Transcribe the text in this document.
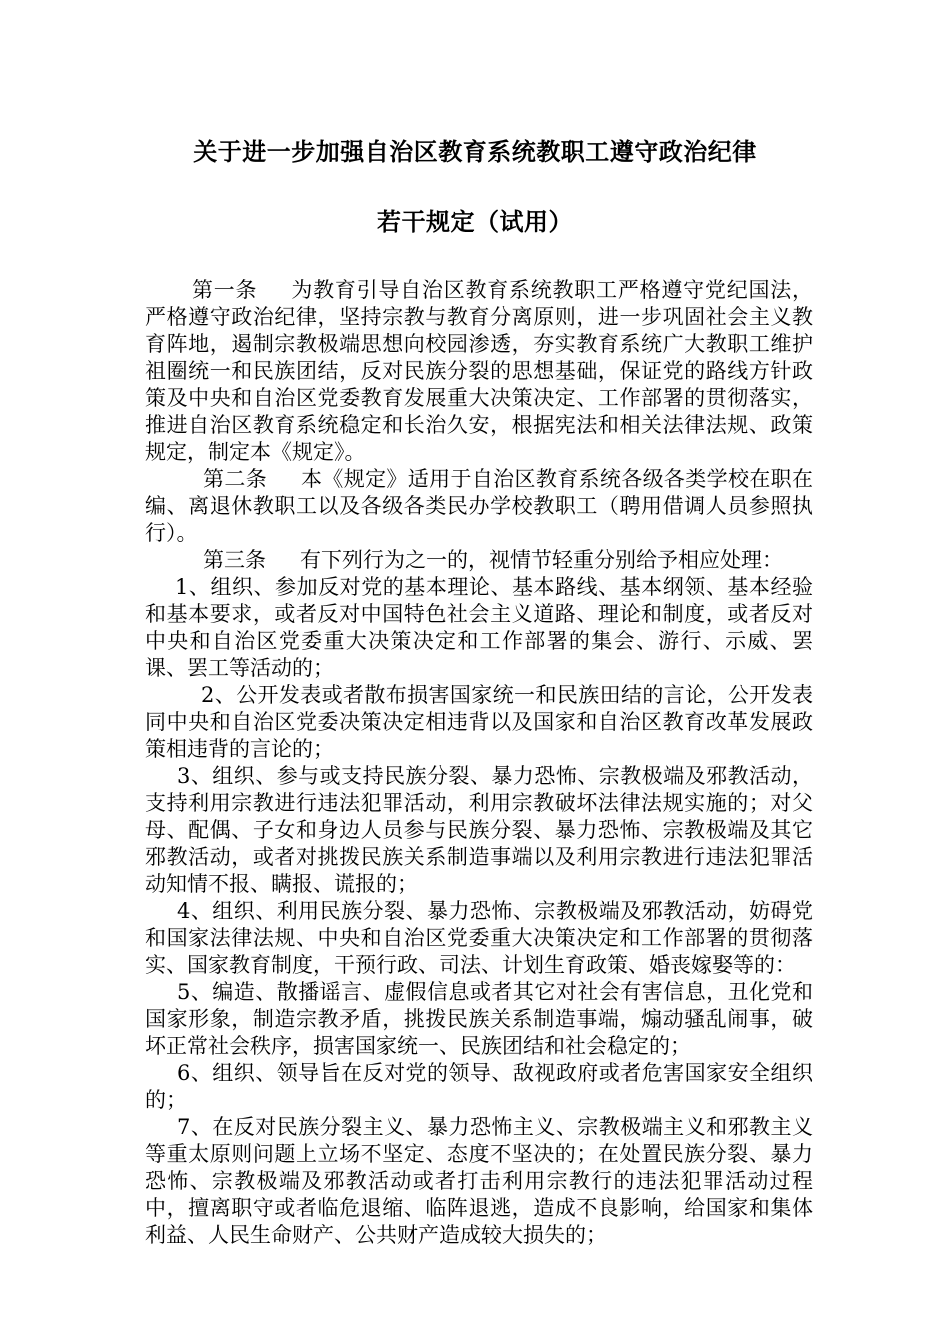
关于进一步加强自治区教育系统教职工遵守政治纪律
若干规定（试用）

第一条 为教育引导自治区教育系统教职工严格遵守党纪国法，严格遵守政治纪律，坚持宗教与教育分离原则，进一步巩固社会主义教育阵地，遏制宗教极端思想向校园渗透，夯实教育系统广大教职工维护祖圈统一和民族团结，反对民族分裂的思想基础，保证党的路线方针政策及中央和自治区党委教育发展重大决策决定、工作部署的贯彻落实，推进自治区教育系统稳定和长治久安，根据宪法和相关法律法规、政策规定，制定本《规定》。

第二条 本《规定》适用于自治区教育系统各级各类学校在职在编、离退休教职工以及各级各类民办学校教职工（聘用借调人员参照执行）。

第三条 有下列行为之一的，视情节轻重分别给予相应处理：

1、组织、参加反对党的基本理论、基本路线、基本纲领、基本经验和基本要求，或者反对中国特色社会主义道路、理论和制度，或者反对中央和自治区党委重大决策决定和工作部署的集会、游行、示威、罢课、罢工等活动的；

2、公开发表或者散布损害国家统一和民族田结的言论，公开发表同中央和自治区党委决策决定相违背以及国家和自治区教育改革发展政策相违背的言论的；

3、组织、参与或支持民族分裂、暴力恐怖、宗教极端及邪教活动，支持利用宗教进行违法犯罪活动，利用宗教破坏法律法规实施的；对父母、配偶、子女和身边人员参与民族分裂、暴力恐怖、宗教极端及其它邪教活动，或者对挑拨民族关系制造事端以及利用宗教进行违法犯罪活动知情不报、瞒报、谎报的；

4、组织、利用民族分裂、暴力恐怖、宗教极端及邪教活动，妨碍党和国家法律法规、中央和自治区党委重大决策决定和工作部署的贯彻落实、国家教育制度，干预行政、司法、计划生育政策、婚丧嫁娶等的：

5、编造、散播谣言、虚假信息或者其它对社会有害信息，丑化党和国家形象，制造宗教矛盾，挑拨民族关系制造事端，煽动骚乱闹事，破坏正常社会秩序，损害国家统一、民族团结和社会稳定的；

6、组织、领导旨在反对党的领导、敌视政府或者危害国家安全组织的；

7、在反对民族分裂主义、暴力恐怖主义、宗教极端主义和邪教主义等重太原则问题上立场不坚定、态度不坚决的；在处置民族分裂、暴力恐怖、宗教极端及邪教活动或者打击利用宗教行的违法犯罪活动过程中，擅离职守或者临危退缩、临阵退逃，造成不良影响，给国家和集体利益、人民生命财产、公共财产造成较大损失的；
